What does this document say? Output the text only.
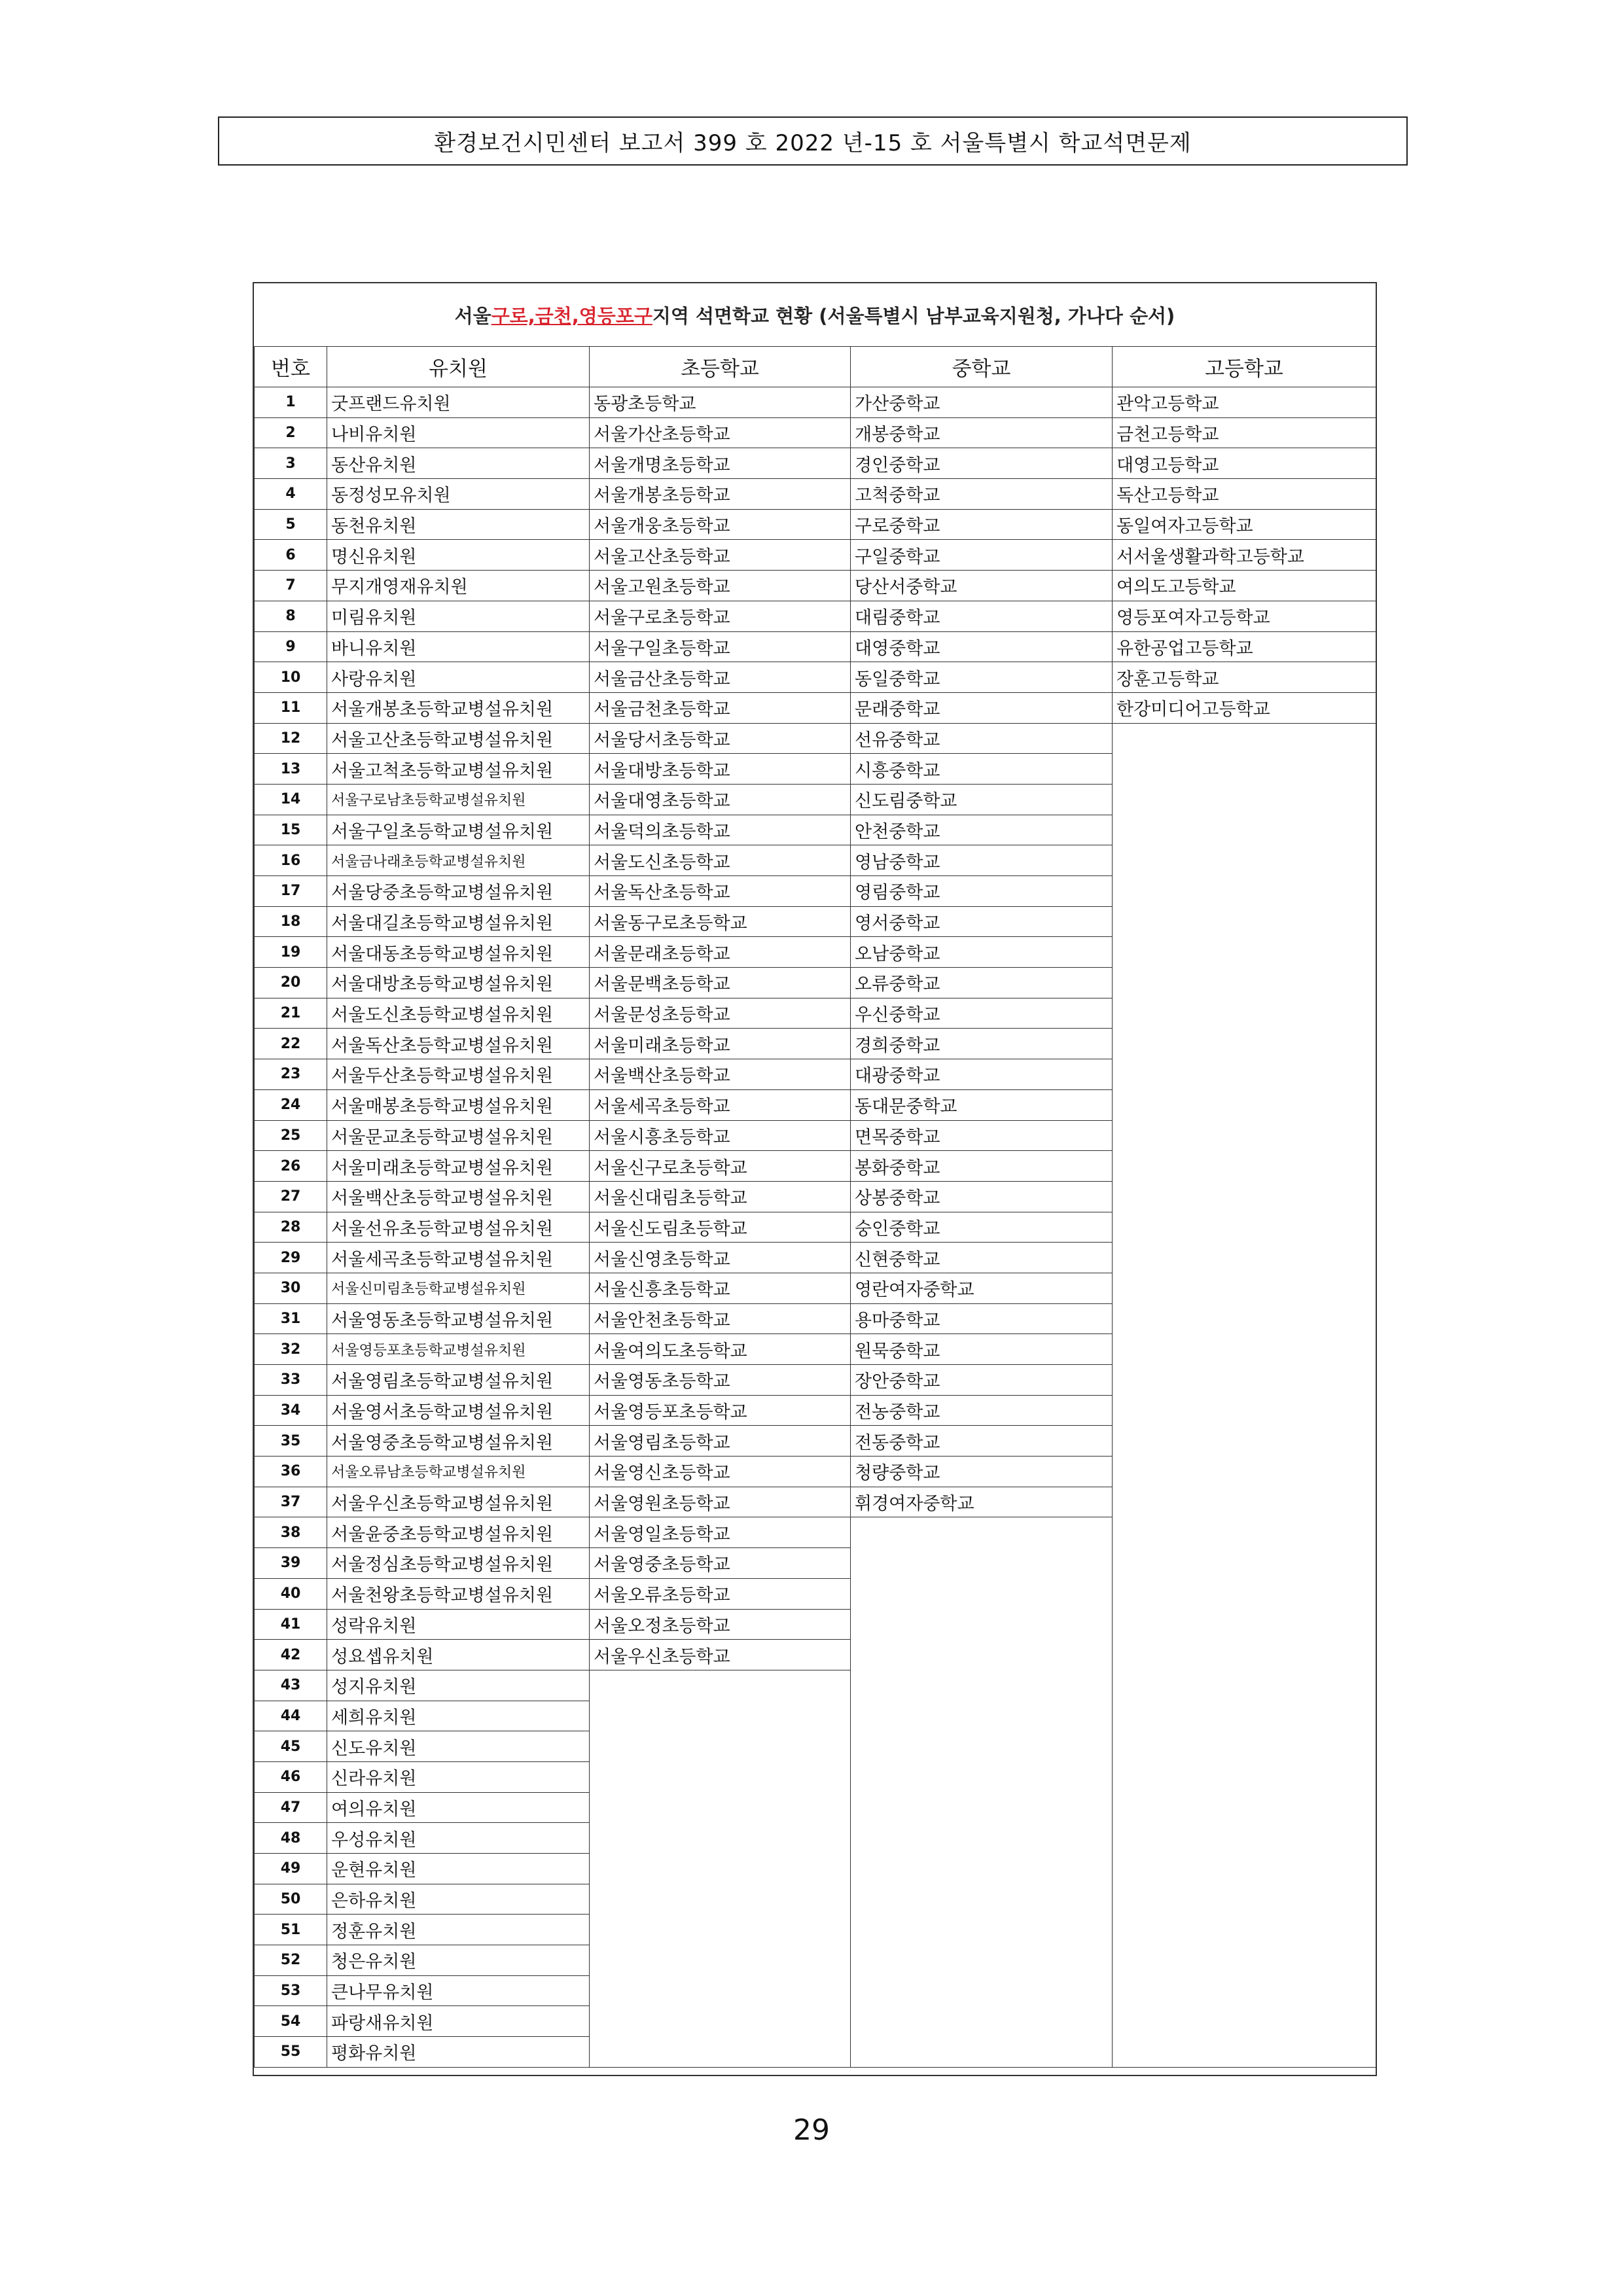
환경보건시민센터 보고서 399 호 2022 년-15 호 서울특별시 학교석면문제
서울 구로,금천,영등포구 지역 석면학교 현황 (서울특별시 남부교육지원청, 가나다 순서)
번호	유치원	초등학교	중학교	고등학교
1	굿프랜드유치원	동광초등학교	가산중학교	관악고등학교
2	나비유치원	서울가산초등학교	개봉중학교	금천고등학교
3	동산유치원	서울개명초등학교	경인중학교	대영고등학교
4	동정성모유치원	서울개봉초등학교	고척중학교	독산고등학교
5	동천유치원	서울개웅초등학교	구로중학교	동일여자고등학교
6	명신유치원	서울고산초등학교	구일중학교	서서울생활과학고등학교
7	무지개영재유치원	서울고원초등학교	당산서중학교	여의도고등학교
8	미림유치원	서울구로초등학교	대림중학교	영등포여자고등학교
9	바니유치원	서울구일초등학교	대영중학교	유한공업고등학교
10	사랑유치원	서울금산초등학교	동일중학교	장훈고등학교
11	서울개봉초등학교병설유치원	서울금천초등학교	문래중학교	한강미디어고등학교
12	서울고산초등학교병설유치원	서울당서초등학교	선유중학교	
13	서울고척초등학교병설유치원	서울대방초등학교	시흥중학교	
14	서울구로남초등학교병설유치원	서울대영초등학교	신도림중학교	
15	서울구일초등학교병설유치원	서울덕의초등학교	안천중학교	
16	서울금나래초등학교병설유치원	서울도신초등학교	영남중학교	
17	서울당중초등학교병설유치원	서울독산초등학교	영림중학교	
18	서울대길초등학교병설유치원	서울동구로초등학교	영서중학교	
19	서울대동초등학교병설유치원	서울문래초등학교	오남중학교	
20	서울대방초등학교병설유치원	서울문백초등학교	오류중학교	
21	서울도신초등학교병설유치원	서울문성초등학교	우신중학교	
22	서울독산초등학교병설유치원	서울미래초등학교	경희중학교	
23	서울두산초등학교병설유치원	서울백산초등학교	대광중학교	
24	서울매봉초등학교병설유치원	서울세곡초등학교	동대문중학교	
25	서울문교초등학교병설유치원	서울시흥초등학교	면목중학교	
26	서울미래초등학교병설유치원	서울신구로초등학교	봉화중학교	
27	서울백산초등학교병설유치원	서울신대림초등학교	상봉중학교	
28	서울선유초등학교병설유치원	서울신도림초등학교	숭인중학교	
29	서울세곡초등학교병설유치원	서울신영초등학교	신현중학교	
30	서울신미림초등학교병설유치원	서울신흥초등학교	영란여자중학교	
31	서울영동초등학교병설유치원	서울안천초등학교	용마중학교	
32	서울영등포초등학교병설유치원	서울여의도초등학교	원묵중학교	
33	서울영림초등학교병설유치원	서울영동초등학교	장안중학교	
34	서울영서초등학교병설유치원	서울영등포초등학교	전농중학교	
35	서울영중초등학교병설유치원	서울영림초등학교	전동중학교	
36	서울오류남초등학교병설유치원	서울영신초등학교	청량중학교	
37	서울우신초등학교병설유치원	서울영원초등학교	휘경여자중학교	
38	서울윤중초등학교병설유치원	서울영일초등학교		
39	서울정심초등학교병설유치원	서울영중초등학교		
40	서울천왕초등학교병설유치원	서울오류초등학교		
41	성락유치원	서울오정초등학교		
42	성요셉유치원	서울우신초등학교		
43	성지유치원			
44	세희유치원			
45	신도유치원			
46	신라유치원			
47	여의유치원			
48	우성유치원			
49	운현유치원			
50	은하유치원			
51	정훈유치원			
52	청은유치원			
53	큰나무유치원			
54	파랑새유치원			
55	평화유치원			
29
